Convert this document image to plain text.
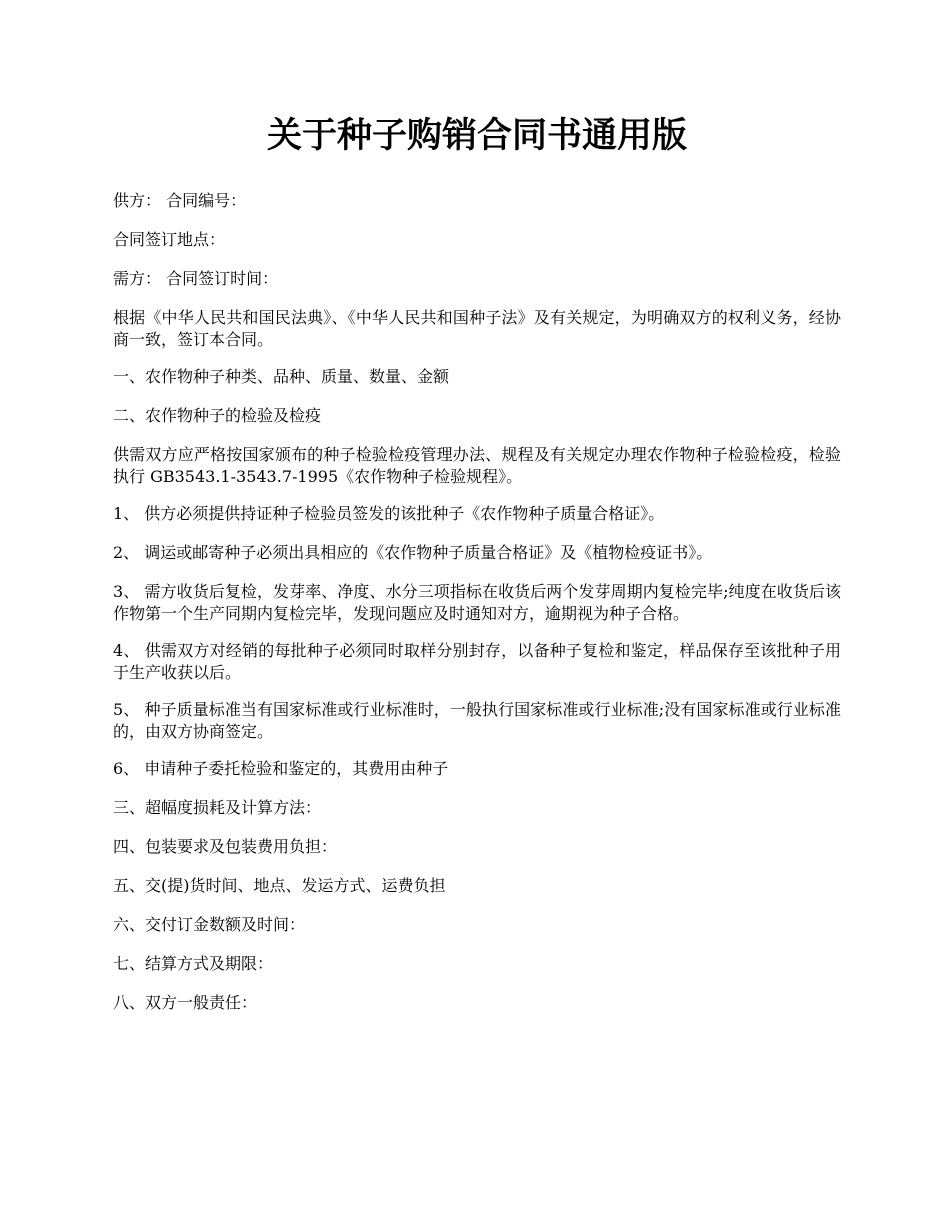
关于种子购销合同书通用版

供方： 合同编号：

合同签订地点：

需方： 合同签订时间：

根据《中华人民共和国民法典》、《中华人民共和国种子法》及有关规定，为明确双方的权利义务，经协商一致，签订本合同。

一、农作物种子种类、品种、质量、数量、金额

二、农作物种子的检验及检疫

供需双方应严格按国家颁布的种子检验检疫管理办法、规程及有关规定办理农作物种子检验检疫，检验执行 GB3543.1-3543.7-1995《农作物种子检验规程》。

1、 供方必须提供持证种子检验员签发的该批种子《农作物种子质量合格证》。

2、 调运或邮寄种子必须出具相应的《农作物种子质量合格证》及《植物检疫证书》。

3、 需方收货后复检，发芽率、净度、水分三项指标在收货后两个发芽周期内复检完毕;纯度在收货后该作物第一个生产同期内复检完毕，发现问题应及时通知对方，逾期视为种子合格。

4、 供需双方对经销的每批种子必须同时取样分别封存，以备种子复检和鉴定，样品保存至该批种子用于生产收获以后。

5、 种子质量标准当有国家标准或行业标准时，一般执行国家标准或行业标准;没有国家标准或行业标准的，由双方协商签定。

6、 申请种子委托检验和鉴定的，其费用由种子

三、超幅度损耗及计算方法：

四、包装要求及包装费用负担：

五、交(提)货时间、地点、发运方式、运费负担

六、交付订金数额及时间：

七、结算方式及期限：

八、双方一般责任：
